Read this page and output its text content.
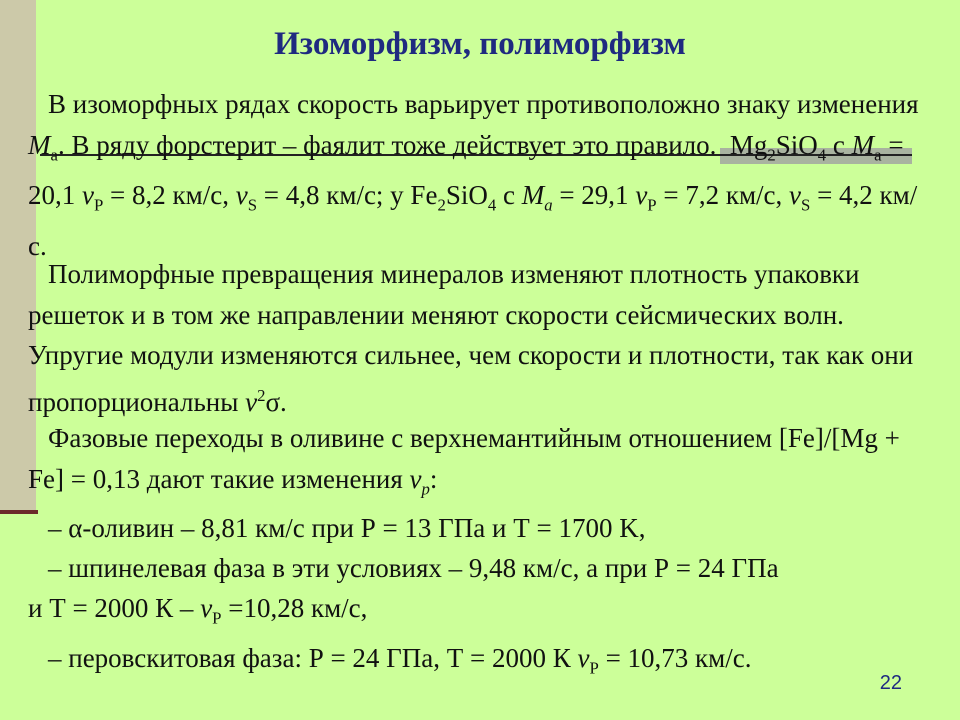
Изоморфизм, полиморфизм

В изоморфных рядах скорость варьирует противоположно знаку изменения $M_a$. В ряду форстерит – фаялит тоже действует это правило.  $Mg_2SiO_4$ с $M_a = 20,1$ $v_P = 8,2$ км/с, $v_S = 4,8$ км/с; у $Fe_2SiO_4$ с $M_a = 29,1$ $v_P = 7,2$ км/с, $v_S = 4,2$ км/с.

Полиморфные превращения минералов изменяют плотность упаковки решеток и в том же направлении меняют скорости сейсмических волн. Упругие модули изменяются сильнее, чем скорости и плотности, так как они пропорциональны $v^2\sigma$.

Фазовые переходы в оливине с верхнемантийным отношением [Fe]/[Mg + Fe] = 0,13 дают такие изменения $v_p$:

– α-оливин – 8,81 км/с при Р = 13 ГПа и Т = 1700 K,
– шпинелевая фаза в эти условиях – 9,48 км/с, а при Р = 24 ГПа
и Т = 2000 $К - v_P =10,28$ км/с,
– перовскитовая фаза: Р = 24 ГПа, Т = 2000 К $v_P = 10,73$ км/с.
22
